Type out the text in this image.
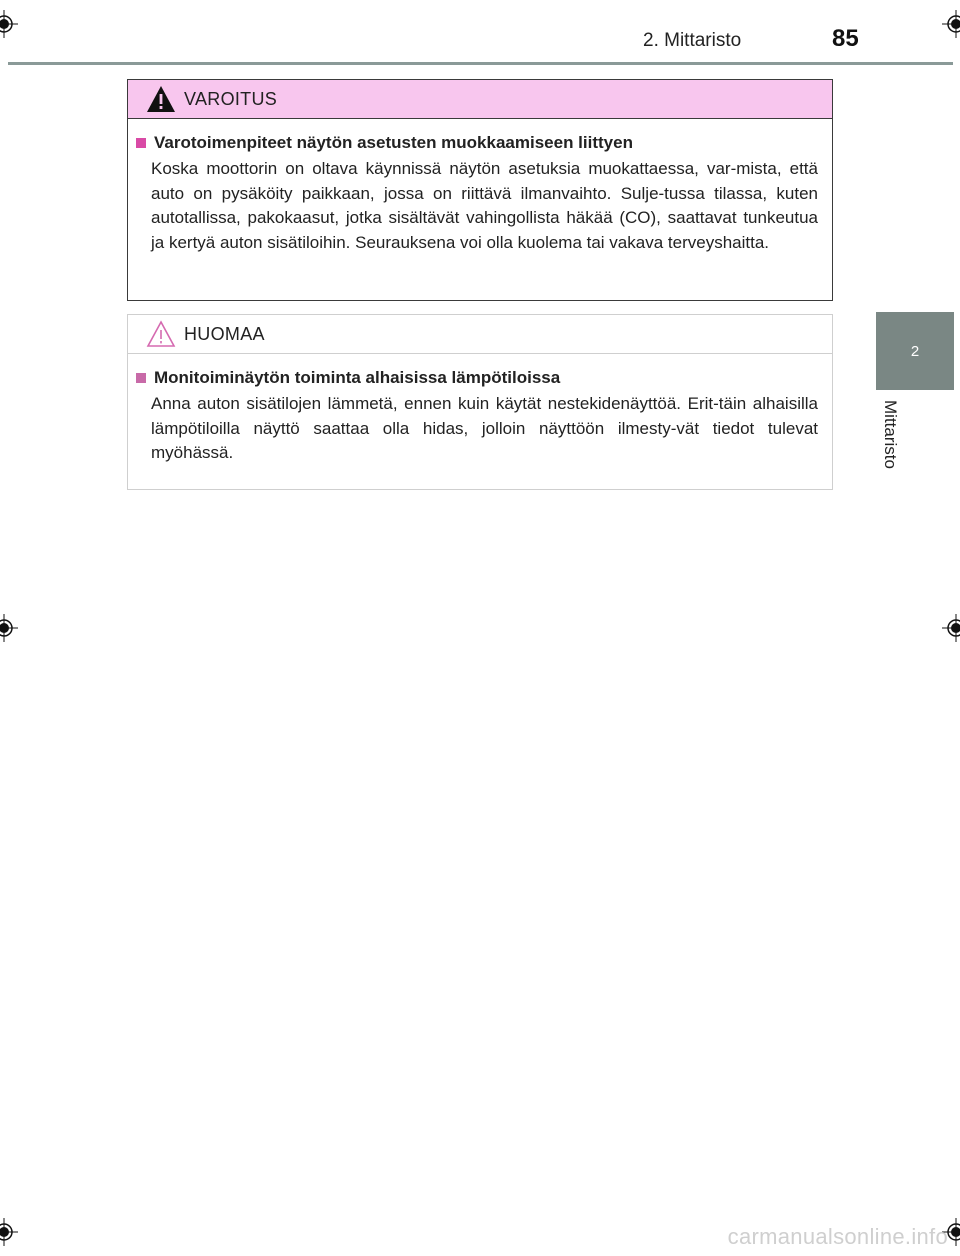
2. Mittaristo	85
2
Mittaristo
VAROITUS
Varotoimenpiteet näytön asetusten muokkaamiseen liittyen
Koska moottorin on oltava käynnissä näytön asetuksia muokattaessa, var-mista, että auto on pysäköity paikkaan, jossa on riittävä ilmanvaihto. Sulje-tussa tilassa, kuten autotallissa, pakokaasut, jotka sisältävät vahingollista häkää (CO), saattavat tunkeutua ja kertyä auton sisätiloihin. Seurauksena voi olla kuolema tai vakava terveyshaitta.
HUOMAA
Monitoiminäytön toiminta alhaisissa lämpötiloissa
Anna auton sisätilojen lämmetä, ennen kuin käytät nestekidenäyttöä. Erit-täin alhaisilla lämpötiloilla näyttö saattaa olla hidas, jolloin näyttöön ilmesty-vät tiedot tulevat myöhässä.
carmanualsonline.info
